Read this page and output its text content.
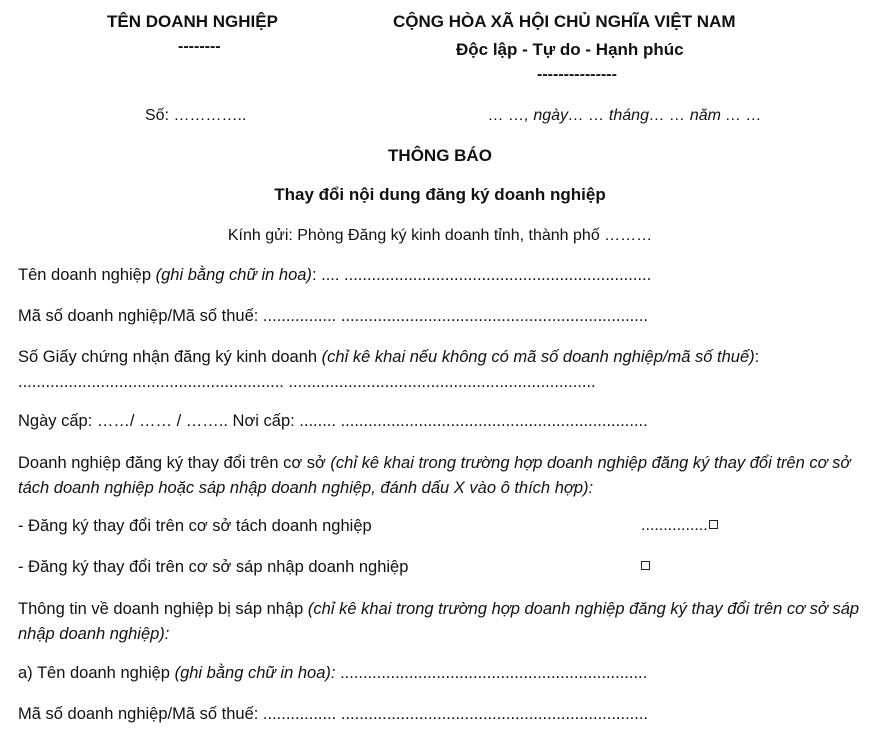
TÊN DOANH NGHIỆP
--------
CỘNG HÒA XÃ HỘI CHỦ NGHĨA VIỆT NAM
Độc lập - Tự do - Hạnh phúc
---------------
Số: …………..	… …, ngày… … tháng… … năm … …
THÔNG BÁO
Thay đổi nội dung đăng ký doanh nghiệp
Kính gửi: Phòng Đăng ký kinh doanh tỉnh, thành phố ………
Tên doanh nghiệp (ghi bằng chữ in hoa): .... ...................................................................
Mã số doanh nghiệp/Mã số thuế: ................ ...................................................................
Số Giấy chứng nhận đăng ký kinh doanh (chỉ kê khai nếu không có mã số doanh nghiệp/mã số thuế): .......................................................... ...................................................................
Ngày cấp: ……/ …… / …….. Nơi cấp: ........ ...................................................................
Doanh nghiệp đăng ký thay đổi trên cơ sở (chỉ kê khai trong trường hợp doanh nghiệp đăng ký thay đổi trên cơ sở tách doanh nghiệp hoặc sáp nhập doanh nghiệp, đánh dấu X vào ô thích hợp):
- Đăng ký thay đổi trên cơ sở tách doanh nghiệp	...............
- Đăng ký thay đổi trên cơ sở sáp nhập doanh nghiệp
Thông tin về doanh nghiệp bị sáp nhập (chỉ kê khai trong trường hợp doanh nghiệp đăng ký thay đổi trên cơ sở sáp nhập doanh nghiệp):
a) Tên doanh nghiệp (ghi bằng chữ in hoa): ...................................................................
Mã số doanh nghiệp/Mã số thuế: ................ ...................................................................
